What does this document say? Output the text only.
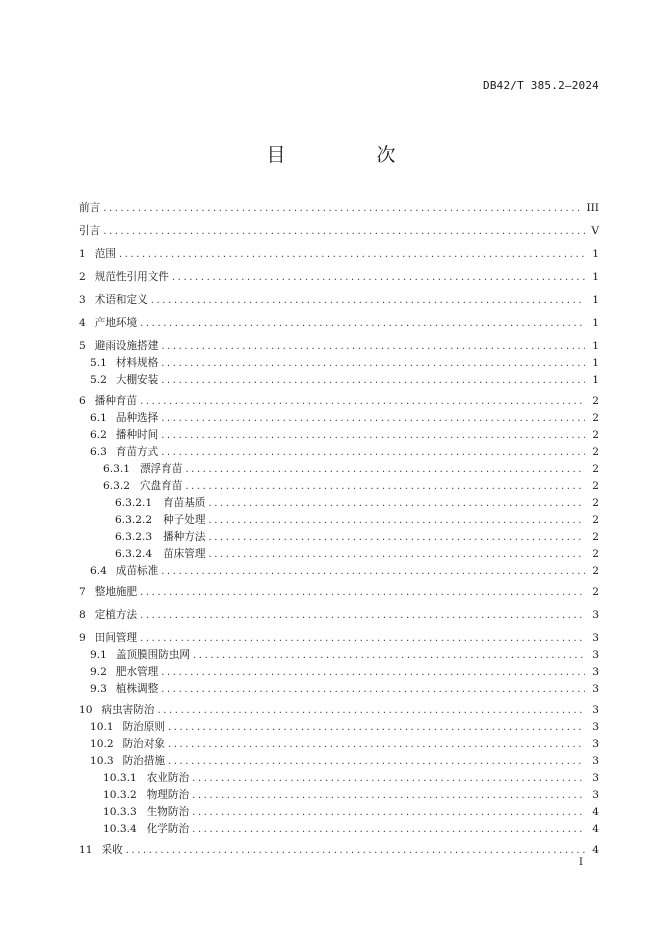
DB42/T 385.2—2024
目　次
前言 .....	III
引言 .....	V
1 范围 .....	1
2 规范性引用文件 .....	1
3 术语和定义 .....	1
4 产地环境 .....	1
5 避雨设施搭建 .....	1
5.1 材料规格 .....	1
5.2 大棚安装 .....	1
6 播种育苗 .....	2
6.1 品种选择 .....	2
6.2 播种时间 .....	2
6.3 育苗方式 .....	2
6.3.1 漂浮育苗 .....	2
6.3.2 穴盘育苗 .....	2
6.3.2.1 育苗基质 .....	2
6.3.2.2 种子处理 .....	2
6.3.2.3 播种方法 .....	2
6.3.2.4 苗床管理 .....	2
6.4 成苗标准 .....	2
7 整地施肥 .....	2
8 定植方法 .....	3
9 田间管理 .....	3
9.1 盖顶膜围防虫网 .....	3
9.2 肥水管理 .....	3
9.3 植株调整 .....	3
10 病虫害防治 .....	3
10.1 防治原则 .....	3
10.2 防治对象 .....	3
10.3 防治措施 .....	3
10.3.1 农业防治 .....	3
10.3.2 物理防治 .....	3
10.3.3 生物防治 .....	4
10.3.4 化学防治 .....	4
11 采收 .....	4
I
